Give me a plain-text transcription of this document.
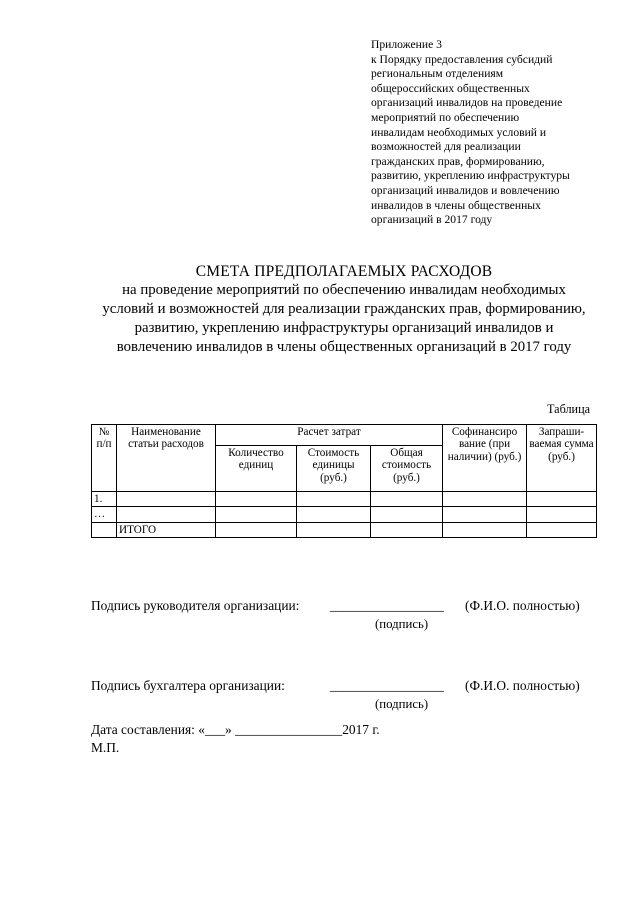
Приложение 3
к Порядку предоставления субсидий
региональным отделениям
общероссийских общественных
организаций инвалидов на проведение
мероприятий по обеспечению
инвалидам необходимых условий и
возможностей для реализации
гражданских прав, формированию,
развитию, укреплению инфраструктуры
организаций инвалидов и вовлечению
инвалидов в члены общественных
организаций в 2017 году
СМЕТА ПРЕДПОЛАГАЕМЫХ РАСХОДОВ
на проведение мероприятий по обеспечению инвалидам необходимых
условий и возможностей для реализации гражданских прав, формированию,
развитию, укреплению инфраструктуры организаций инвалидов и
вовлечению инвалидов в члены общественных организаций в 2017 году
Таблица
№ п/п	Наименование статьи расходов	Расчет затрат			Софинансиро вание (при наличии) (руб.)	Запраши- ваемая сумма (руб.)
		Количество единиц	Стоимость единицы (руб.)	Общая стоимость (руб.)		
1.						
…						
	ИТОГО					
Подпись руководителя организации: _________________ (Ф.И.О. полностью)
(подпись)
Подпись бухгалтера организации:	_________________ (Ф.И.О. полностью)
(подпись)
Дата составления: «___» ________________2017 г.
М.П.
